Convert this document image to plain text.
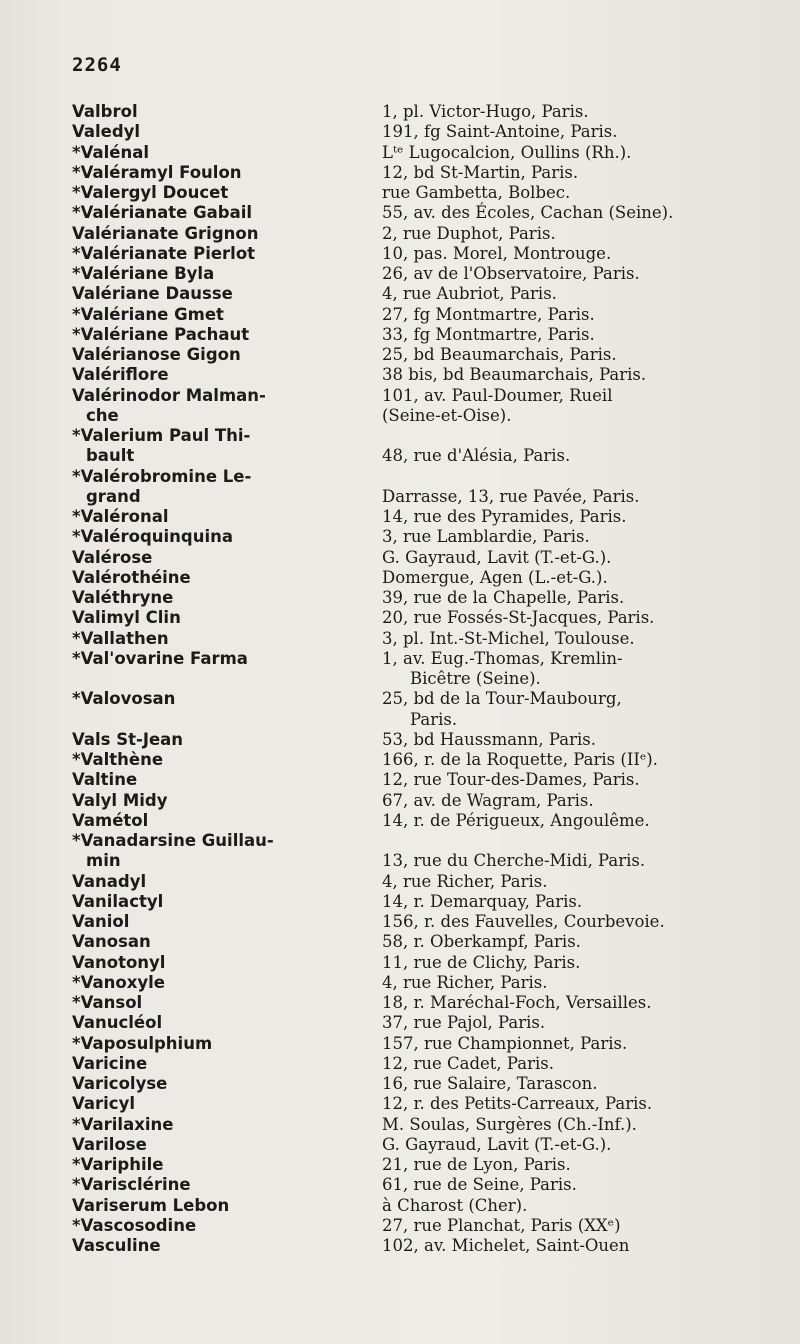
2264
Valbrol	1, pl. Victor-Hugo, Paris.
Valedyl	191, fg Saint-Antoine, Paris.
*Valénal	Lᵗᵉ Lugocalcion, Oullins (Rh.).
*Valéramyl Foulon	12, bd St-Martin, Paris.
*Valergyl Doucet	rue Gambetta, Bolbec.
*Valérianate Gabail	55, av. des Écoles, Cachan (Seine).
Valérianate Grignon	2, rue Duphot, Paris.
*Valérianate Pierlot	10, pas. Morel, Montrouge.
*Valériane Byla	26, av de l'Observatoire, Paris.
Valériane Dausse	4, rue Aubriot, Paris.
*Valériane Gmet	27, fg Montmartre, Paris.
*Valériane Pachaut	33, fg Montmartre, Paris.
Valérianose Gigon	25, bd Beaumarchais, Paris.
Valériflore	38 bis, bd Beaumarchais, Paris.
Valérinodor Malman-	101, av. Paul-Doumer, Rueil
che	(Seine-et-Oise).
*Valerium Paul Thi-
bault	48, rue d'Alésia, Paris.
*Valérobromine Le-
grand	Darrasse, 13, rue Pavée, Paris.
*Valéronal	14, rue des Pyramides, Paris.
*Valéroquinquina	3, rue Lamblardie, Paris.
Valérose	G. Gayraud, Lavit (T.-et-G.).
Valérothéine	Domergue, Agen (L.-et-G.).
Valéthryne	39, rue de la Chapelle, Paris.
Valimyl Clin	20, rue Fossés-St-Jacques, Paris.
*Vallathen	3, pl. Int.-St-Michel, Toulouse.
*Val'ovarine Farma	1, av. Eug.-Thomas, Kremlin-
Bicêtre (Seine).
*Valovosan	25, bd de la Tour-Maubourg,
Paris.
Vals St-Jean	53, bd Haussmann, Paris.
*Valthène	166, r. de la Roquette, Paris (IIᵉ).
Valtine	12, rue Tour-des-Dames, Paris.
Valyl Midy	67, av. de Wagram, Paris.
Vamétol	14, r. de Périgueux, Angoulême.
*Vanadarsine Guillau-
min	13, rue du Cherche-Midi, Paris.
Vanadyl	4, rue Richer, Paris.
Vanilactyl	14, r. Demarquay, Paris.
Vaniol	156, r. des Fauvelles, Courbevoie.
Vanosan	58, r. Oberkampf, Paris.
Vanotonyl	11, rue de Clichy, Paris.
*Vanoxyle	4, rue Richer, Paris.
*Vansol	18, r. Maréchal-Foch, Versailles.
Vanucléol	37, rue Pajol, Paris.
*Vaposulphium	157, rue Championnet, Paris.
Varicine	12, rue Cadet, Paris.
Varicolyse	16, rue Salaire, Tarascon.
Varicyl	12, r. des Petits-Carreaux, Paris.
*Varilaxine	M. Soulas, Surgères (Ch.-Inf.).
Varilose	G. Gayraud, Lavit (T.-et-G.).
*Variphile	21, rue de Lyon, Paris.
*Varisclérine	61, rue de Seine, Paris.
Variserum Lebon	à Charost (Cher).
*Vascosodine	27, rue Planchat, Paris (XXᵉ)
Vasculine	102, av. Michelet, Saint-Ouen
